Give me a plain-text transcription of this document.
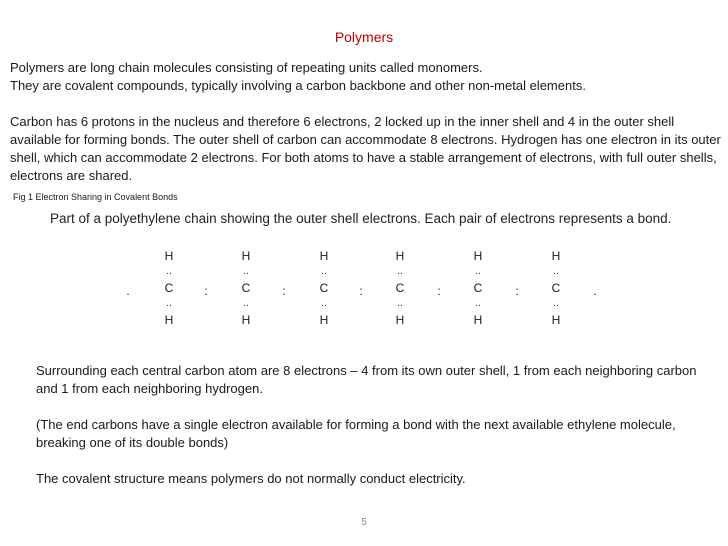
Polymers

Polymers are long chain molecules consisting of repeating units called monomers.
They are covalent compounds, typically involving a carbon backbone and other non-metal elements.

Carbon has 6 protons in the nucleus and therefore 6 electrons, 2 locked up in the inner shell and 4 in the outer shell available for forming bonds. The outer shell of carbon can accommodate 8 electrons. Hydrogen has one electron in its outer shell, which can accommodate 2 electrons. For both atoms to have a stable arrangement of electrons, with full outer shells, electrons are shared.

Fig 1 Electron Sharing in Covalent Bonds
Part of a polyethylene chain showing the outer shell electrons. Each pair of electrons represents a bond.
.
H
..
C
..
H
:
H
..
C
..
H
:
H
..
C
..
H
:
H
..
C
..
H
:
H
..
C
..
H
:
H
..
C
..
H
.

Surrounding each central carbon atom are 8 electrons – 4 from its own outer shell, 1 from each neighboring carbon and 1 from each neighboring hydrogen.

(The end carbons have a single electron available for forming a bond with the next available ethylene molecule, breaking one of its double bonds)

The covalent structure means polymers do not normally conduct electricity.

5
